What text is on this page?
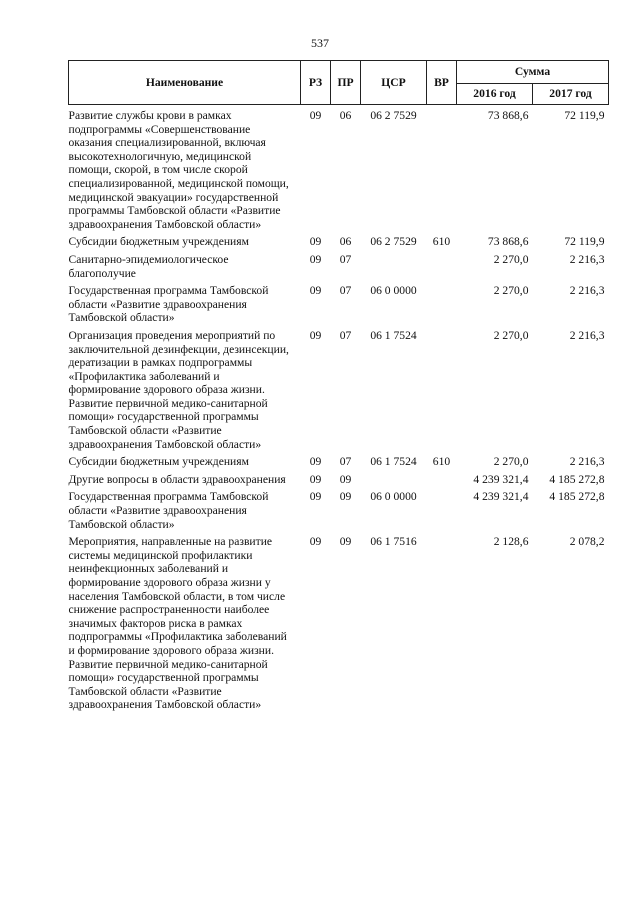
537
Наименование	РЗ	ПР	ЦСР	ВР	Сумма	
					2016 год	2017 год
Развитие службы крови в рамках подпрограммы «Совершенствование оказания специализированной, включая высокотехнологичную, медицинской помощи, скорой, в том числе скорой специализированной, медицинской помощи, медицинской эвакуации» государственной программы Тамбовской области «Развитие здравоохранения Тамбовской области»	09	06	06 2 7529		73 868,6	72 119,9
Субсидии бюджетным учреждениям	09	06	06 2 7529	610	73 868,6	72 119,9
Санитарно-эпидемиологическое благополучие	09	07			2 270,0	2 216,3
Государственная программа Тамбовской области «Развитие здравоохранения Тамбовской области»	09	07	06 0 0000		2 270,0	2 216,3
Организация проведения мероприятий по заключительной дезинфекции, дезинсекции, дератизации в рамках подпрограммы «Профилактика заболеваний и формирование здорового образа жизни. Развитие первичной медико-санитарной помощи» государственной программы Тамбовской области «Развитие здравоохранения Тамбовской области»	09	07	06 1 7524		2 270,0	2 216,3
Субсидии бюджетным учреждениям	09	07	06 1 7524	610	2 270,0	2 216,3
Другие вопросы в области здравоохранения	09	09			4 239 321,4	4 185 272,8
Государственная программа Тамбовской области «Развитие здравоохранения Тамбовской области»	09	09	06 0 0000		4 239 321,4	4 185 272,8
Мероприятия, направленные на развитие системы медицинской профилактики неинфекционных заболеваний и формирование здорового образа жизни у населения Тамбовской области, в том числе снижение распространенности наиболее значимых факторов риска в рамках подпрограммы «Профилактика заболеваний и формирование здорового образа жизни. Развитие первичной медико-санитарной помощи» государственной программы Тамбовской области «Развитие здравоохранения Тамбовской области»	09	09	06 1 7516		2 128,6	2 078,2
